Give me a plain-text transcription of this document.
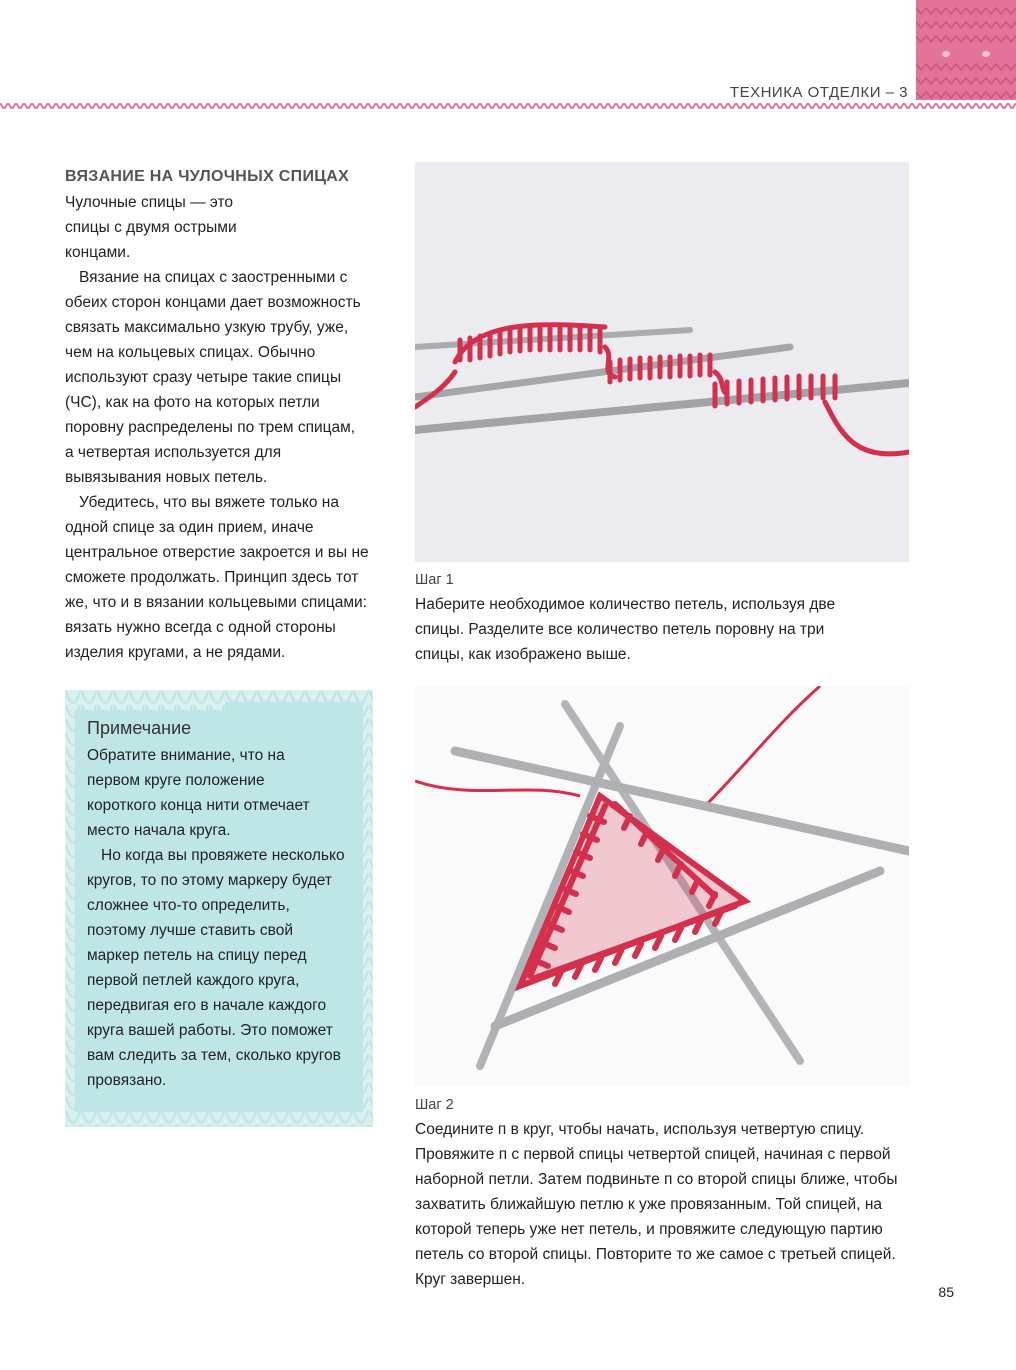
ТЕХНИКА ОТДЕЛКИ – 3
ВЯЗАНИЕ НА ЧУЛОЧНЫХ СПИЦАХ

Чулочные спицы — это спицы с двумя острыми концами.

Вязание на спицах с заостренными с обеих сторон концами дает возможность связать максимально узкую трубу, уже, чем на кольцевых спицах. Обычно используют сразу четыре такие спицы (ЧС), как на фото на которых петли поровну распределены по трем спицам, а четвертая используется для вывязывания новых петель.

Убедитесь, что вы вяжете только на одной спице за один прием, иначе центральное отверстие закроется и вы не сможете продолжать. Принцип здесь тот же, что и в вязании кольцевыми спицами: вязать нужно всегда с одной стороны изделия кругами, а не рядами.

Примечание

Обратите внимание, что на первом круге положение короткого конца нити отмечает место начала круга.

Но когда вы провяжете несколько кругов, то по этому маркеру будет сложнее что-то определить, поэтому лучше ставить свой маркер петель на спицу перед первой петлей каждого круга, передвигая его в начале каждого круга вашей работы. Это поможет вам следить за тем, сколько кругов провязано.

Шаг 1

Наберите необходимое количество петель, используя две спицы. Разделите все количество петель поровну на три спицы, как изображено выше.

Шаг 2

Соедините п в круг, чтобы начать, используя четвертую спицу. Провяжите п с первой спицы четвертой спицей, начиная с первой наборной петли. Затем подвиньте п со второй спицы ближе, чтобы захватить ближайшую петлю к уже провязанным. Той спицей, на которой теперь уже нет петель, и провяжите следующую партию петель со второй спицы. Повторите то же самое с третьей спицей. Круг завершен.

85
